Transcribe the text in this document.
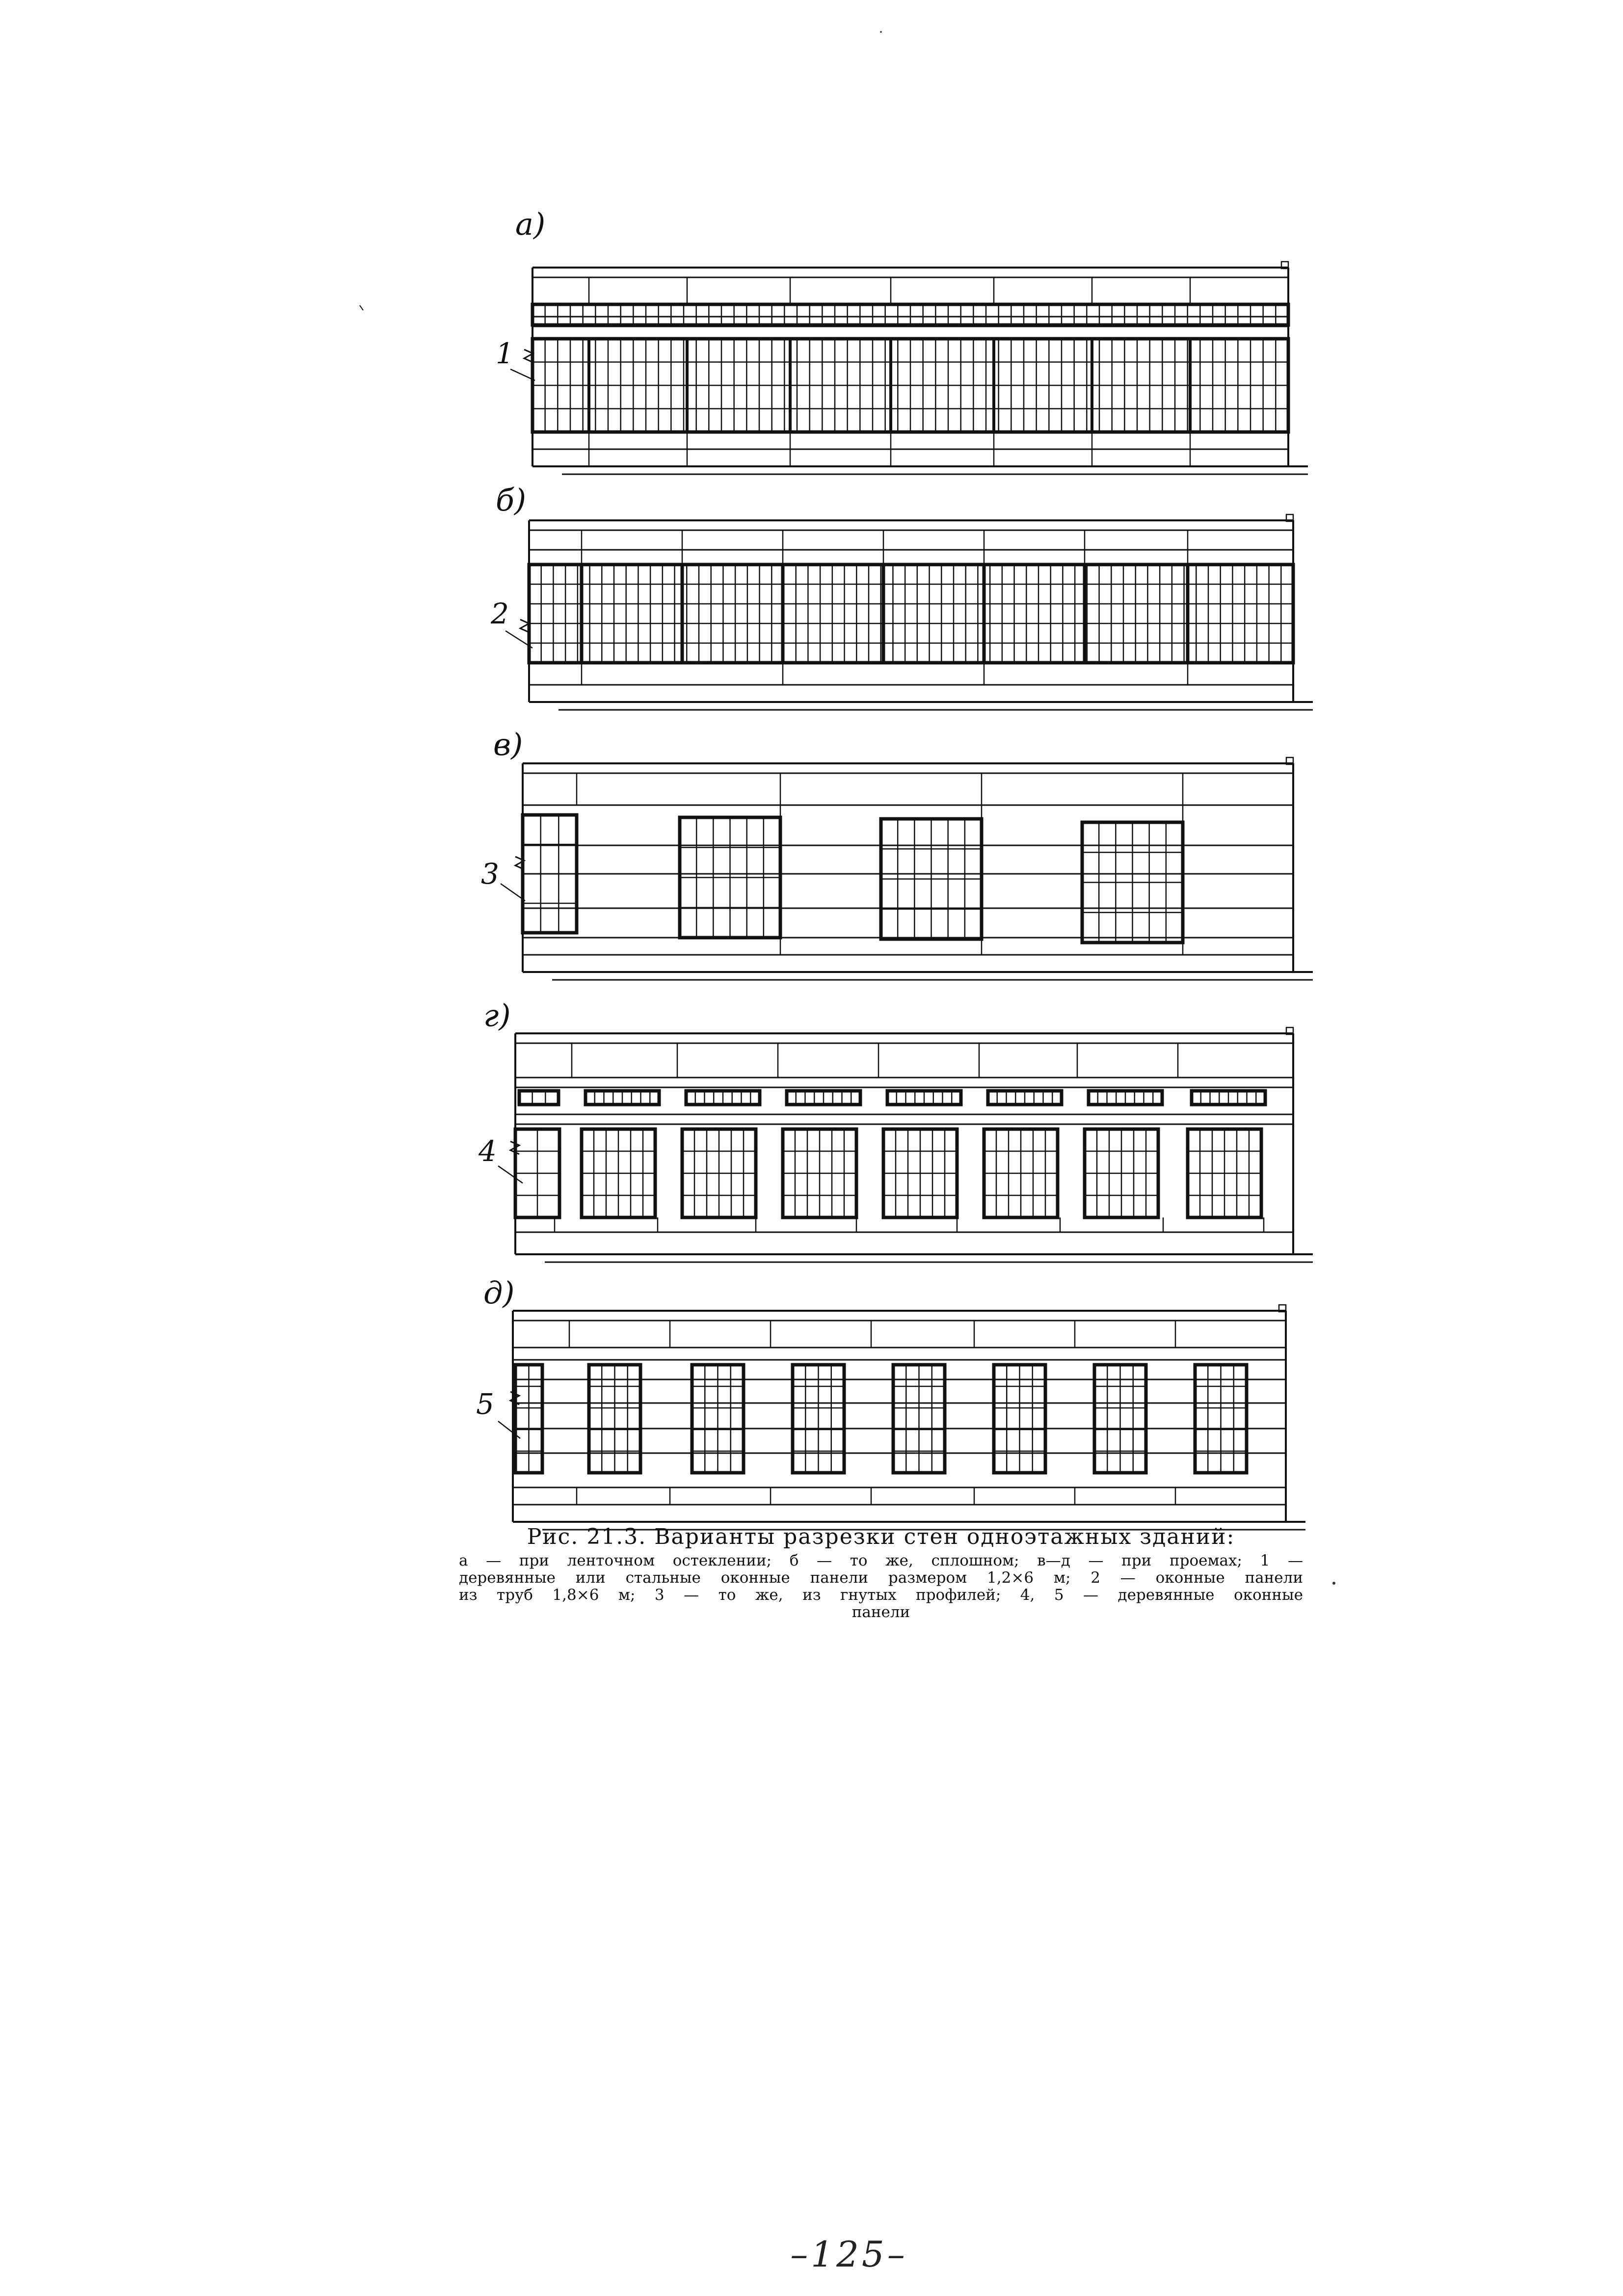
а)
1
б)
2
в)
3
г)
4
д)
5
Рис. 21.3. Варианты разрезки стен одноэтажных зданий:
а — при ленточном остеклении; б — то же, сплошном; в—д — при проемах; 1 —
деревянные или стальные оконные панели размером 1,2×6 м; 2 — оконные панели
из труб 1,8×6 м; 3 — то же, из гнутых профилей; 4, 5 — деревянные оконные
панели
–125–
